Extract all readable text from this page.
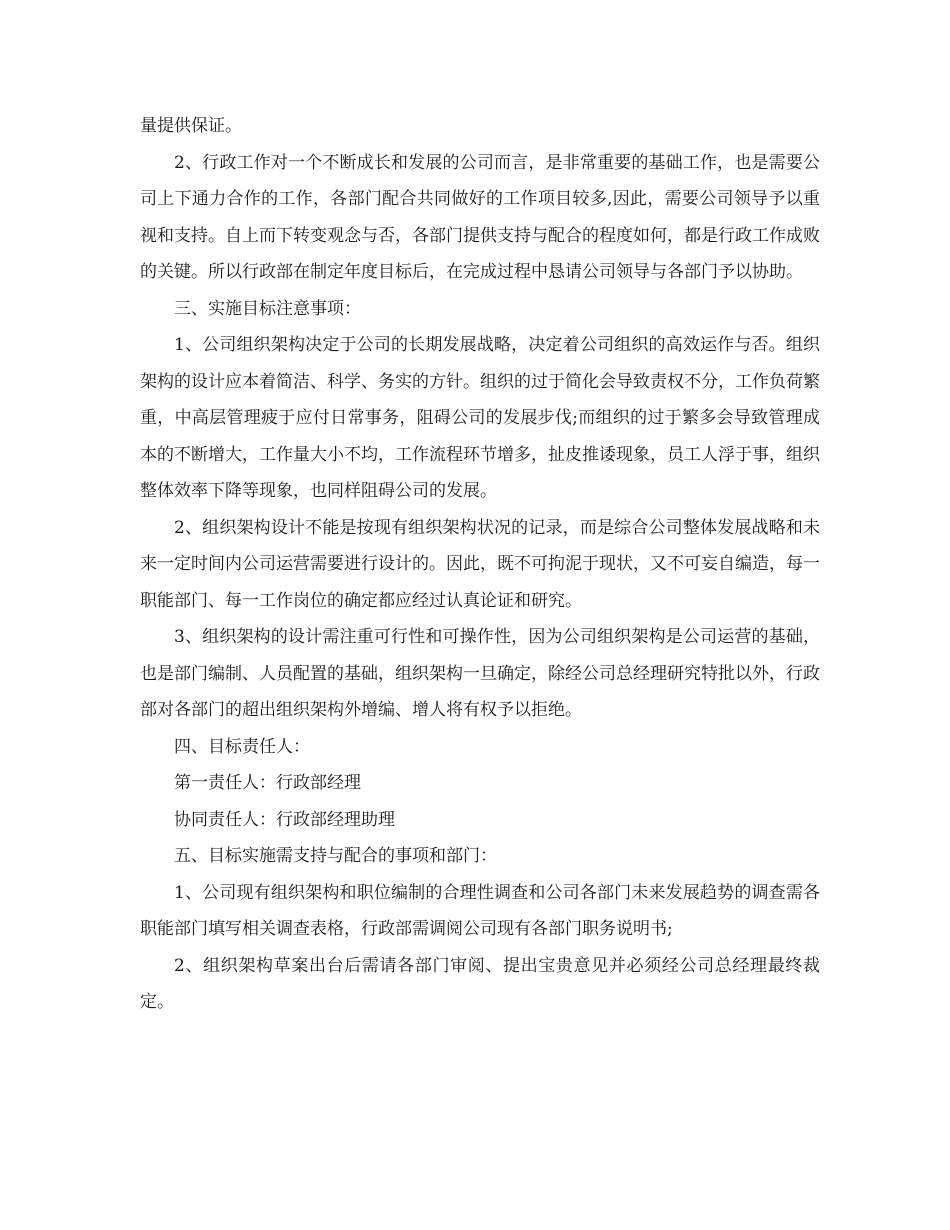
量提供保证。

2、行政工作对一个不断成长和发展的公司而言，是非常重要的基础工作，也是需要公司上下通力合作的工作，各部门配合共同做好的工作项目较多,因此，需要公司领导予以重视和支持。自上而下转变观念与否，各部门提供支持与配合的程度如何，都是行政工作成败的关键。所以行政部在制定年度目标后，在完成过程中恳请公司领导与各部门予以协助。

三、实施目标注意事项：

1、公司组织架构决定于公司的长期发展战略，决定着公司组织的高效运作与否。组织架构的设计应本着简洁、科学、务实的方针。组织的过于简化会导致责权不分，工作负荷繁重，中高层管理疲于应付日常事务，阻碍公司的发展步伐;而组织的过于繁多会导致管理成本的不断增大，工作量大小不均，工作流程环节增多，扯皮推诿现象，员工人浮于事，组织整体效率下降等现象，也同样阻碍公司的发展。

2、组织架构设计不能是按现有组织架构状况的记录，而是综合公司整体发展战略和未来一定时间内公司运营需要进行设计的。因此，既不可拘泥于现状，又不可妄自编造，每一职能部门、每一工作岗位的确定都应经过认真论证和研究。

3、组织架构的设计需注重可行性和可操作性，因为公司组织架构是公司运营的基础，也是部门编制、人员配置的基础，组织架构一旦确定，除经公司总经理研究特批以外，行政部对各部门的超出组织架构外增编、增人将有权予以拒绝。

四、目标责任人：

第一责任人：行政部经理

协同责任人：行政部经理助理

五、目标实施需支持与配合的事项和部门：

1、公司现有组织架构和职位编制的合理性调查和公司各部门未来发展趋势的调查需各职能部门填写相关调查表格，行政部需调阅公司现有各部门职务说明书;

2、组织架构草案出台后需请各部门审阅、提出宝贵意见并必须经公司总经理最终裁定。
